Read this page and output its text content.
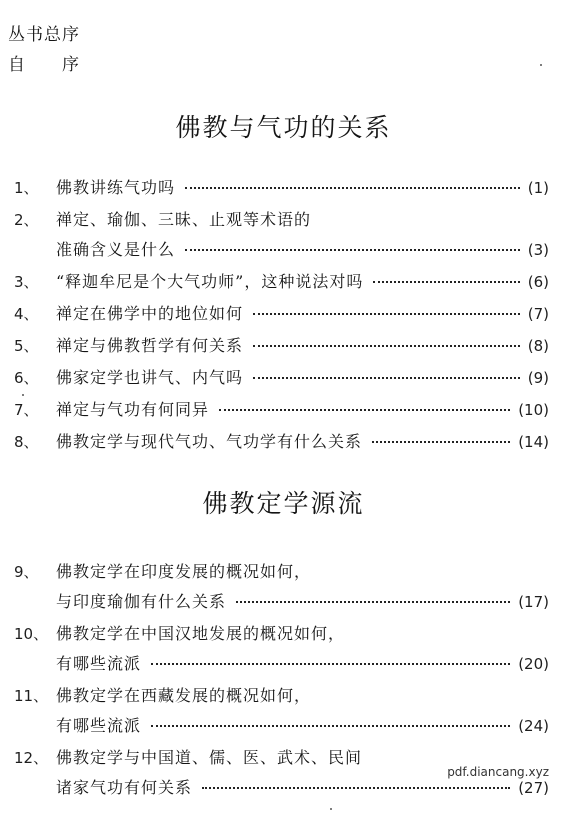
丛书总序
自　　序
佛教与气功的关系
1、	佛教讲练气功吗	(1)
2、	禅定、瑜伽、三昧、止观等术语的
准确含义是什么	(3)
3、	“释迦牟尼是个大气功师”，这种说法对吗	(6)
4、	禅定在佛学中的地位如何	(7)
5、	禅定与佛教哲学有何关系	(8)
6、	佛家定学也讲气、内气吗	(9)
7、	禅定与气功有何同异	(10)
8、	佛教定学与现代气功、气功学有什么关系	(14)
佛教定学源流
9、	佛教定学在印度发展的概况如何，
与印度瑜伽有什么关系	(17)
10、 佛教定学在中国汉地发展的概况如何，
有哪些流派	(20)
11、 佛教定学在西藏发展的概况如何，
有哪些流派	(24)
12、 佛教定学与中国道、儒、医、武术、民间
诸家气功有何关系	(27)
pdf.diancang.xyz
